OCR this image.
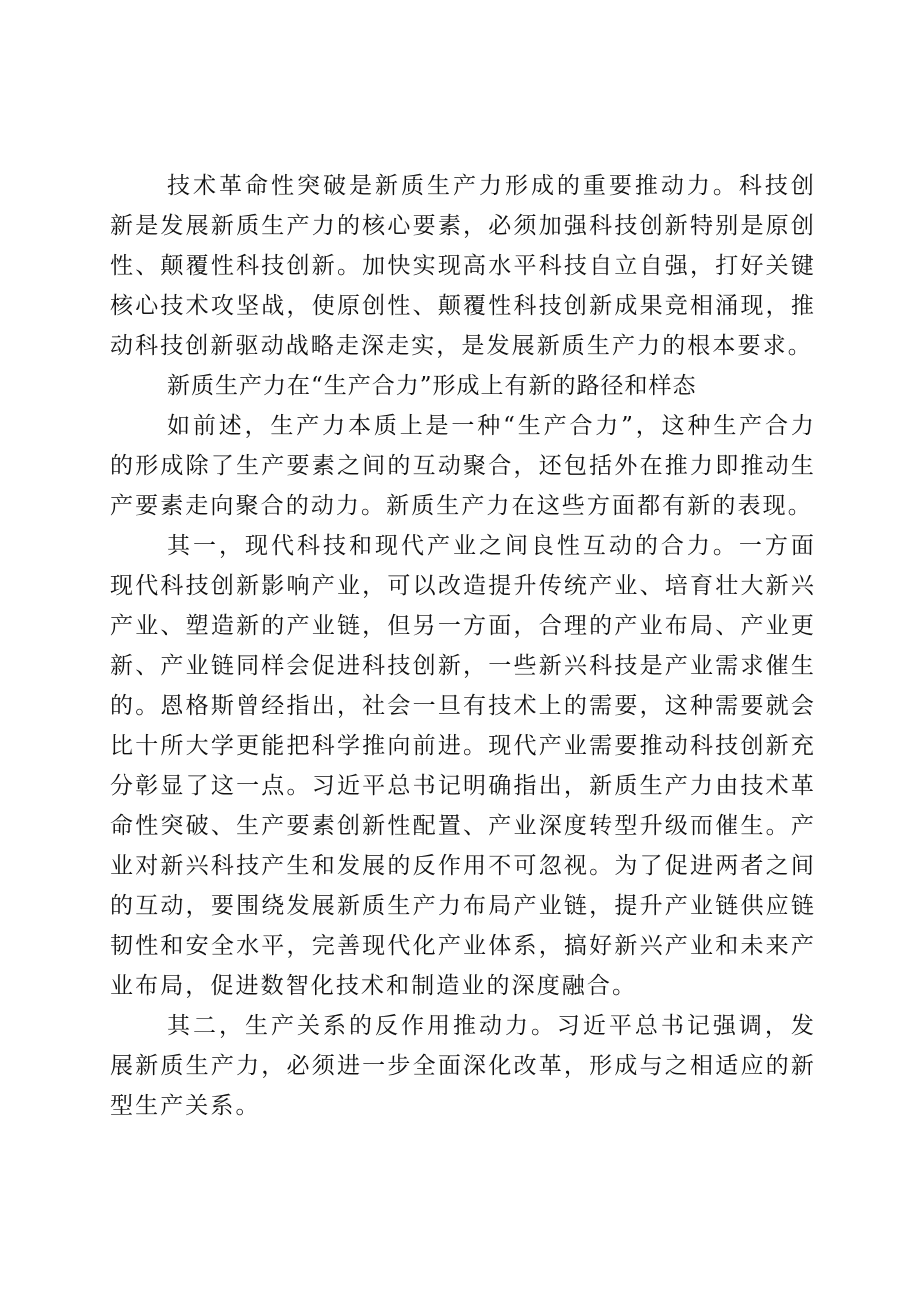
技术革命性突破是新质生产力形成的重要推动力。科技创新是发展新质生产力的核心要素，必须加强科技创新特别是原创性、颠覆性科技创新。加快实现高水平科技自立自强，打好关键核心技术攻坚战，使原创性、颠覆性科技创新成果竞相涌现，推动科技创新驱动战略走深走实，是发展新质生产力的根本要求。

新质生产力在“生产合力”形成上有新的路径和样态

如前述，生产力本质上是一种“生产合力”，这种生产合力的形成除了生产要素之间的互动聚合，还包括外在推力即推动生产要素走向聚合的动力。新质生产力在这些方面都有新的表现。

其一，现代科技和现代产业之间良性互动的合力。一方面现代科技创新影响产业，可以改造提升传统产业、培育壮大新兴产业、塑造新的产业链，但另一方面，合理的产业布局、产业更新、产业链同样会促进科技创新，一些新兴科技是产业需求催生的。恩格斯曾经指出，社会一旦有技术上的需要，这种需要就会比十所大学更能把科学推向前进。现代产业需要推动科技创新充分彰显了这一点。习近平总书记明确指出，新质生产力由技术革命性突破、生产要素创新性配置、产业深度转型升级而催生。产业对新兴科技产生和发展的反作用不可忽视。为了促进两者之间的互动，要围绕发展新质生产力布局产业链，提升产业链供应链韧性和安全水平，完善现代化产业体系，搞好新兴产业和未来产业布局，促进数智化技术和制造业的深度融合。

其二，生产关系的反作用推动力。习近平总书记强调，发展新质生产力，必须进一步全面深化改革，形成与之相适应的新型生产关系。
